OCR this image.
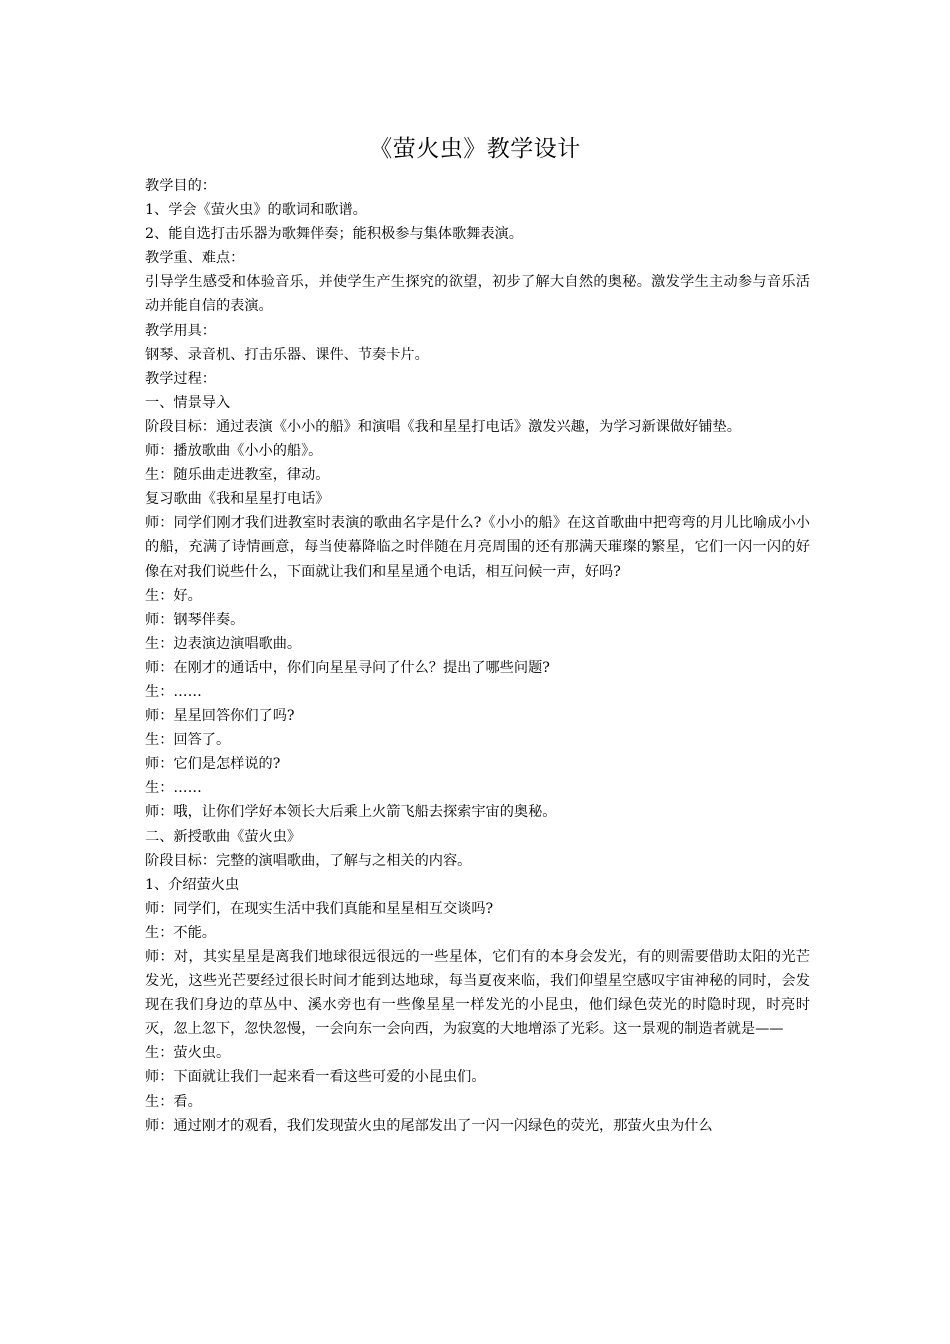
《萤火虫》教学设计

教学目的：

1、学会《萤火虫》的歌词和歌谱。

2、能自选打击乐器为歌舞伴奏；能积极参与集体歌舞表演。

教学重、难点：

引导学生感受和体验音乐，并使学生产生探究的欲望，初步了解大自然的奥秘。激发学生主动参与音乐活动并能自信的表演。

教学用具：

钢琴、录音机、打击乐器、课件、节奏卡片。

教学过程：

一、情景导入

阶段目标：通过表演《小小的船》和演唱《我和星星打电话》激发兴趣，为学习新课做好铺垫。

师：播放歌曲《小小的船》。

生：随乐曲走进教室，律动。

复习歌曲《我和星星打电话》

师：同学们刚才我们进教室时表演的歌曲名字是什么?《小小的船》在这首歌曲中把弯弯的月儿比喻成小小的船，充满了诗情画意，每当使幕降临之时伴随在月亮周围的还有那满天璀璨的繁星，它们一闪一闪的好像在对我们说些什么，下面就让我们和星星通个电话，相互问候一声，好吗?

生：好。

师：钢琴伴奏。

生：边表演边演唱歌曲。

师：在刚才的通话中，你们向星星寻问了什么？提出了哪些问题?

生：……

师：星星回答你们了吗?

生：回答了。

师：它们是怎样说的?

生：……

师：哦，让你们学好本领长大后乘上火箭飞船去探索宇宙的奥秘。

二、新授歌曲《萤火虫》

阶段目标：完整的演唱歌曲，了解与之相关的内容。

1、介绍萤火虫

师：同学们，在现实生活中我们真能和星星相互交谈吗?

生：不能。

师：对，其实星星是离我们地球很远很远的一些星体，它们有的本身会发光，有的则需要借助太阳的光芒发光，这些光芒要经过很长时间才能到达地球，每当夏夜来临，我们仰望星空感叹宇宙神秘的同时，会发现在我们身边的草丛中、溪水旁也有一些像星星一样发光的小昆虫，他们绿色荧光的时隐时现，时亮时灭，忽上忽下，忽快忽慢，一会向东一会向西，为寂寞的大地增添了光彩。这一景观的制造者就是——

生：萤火虫。

师：下面就让我们一起来看一看这些可爱的小昆虫们。

生：看。

师：通过刚才的观看，我们发现萤火虫的尾部发出了一闪一闪绿色的荧光，那萤火虫为什么
